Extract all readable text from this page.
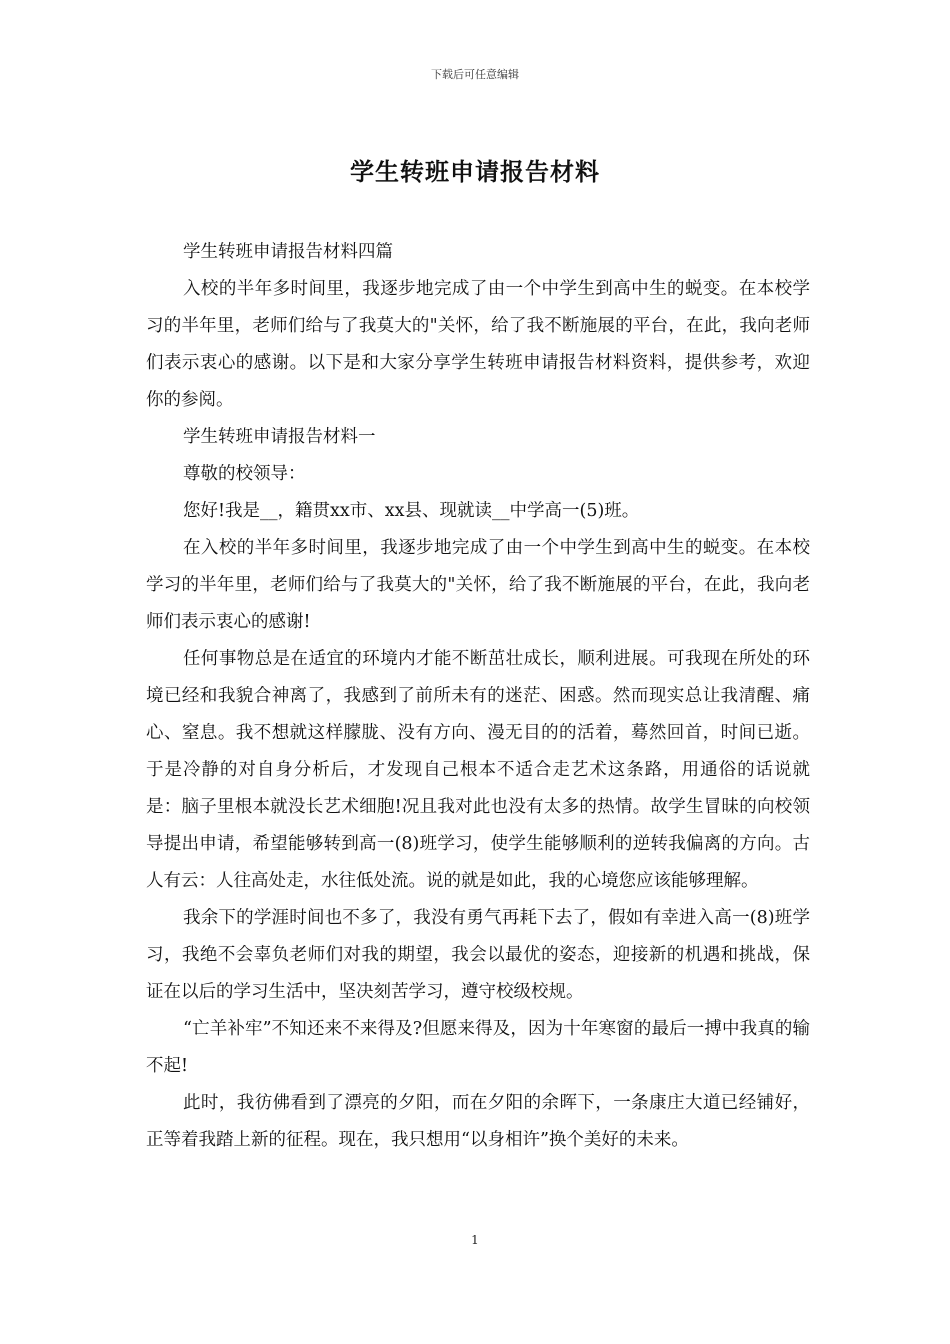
下载后可任意编辑
学生转班申请报告材料

学生转班申请报告材料四篇

入校的半年多时间里，我逐步地完成了由一个中学生到高中生的蜕变。在本校学习的半年里，老师们给与了我莫大的"关怀，给了我不断施展的平台，在此，我向老师们表示衷心的感谢。以下是和大家分享学生转班申请报告材料资料，提供参考，欢迎你的参阅。

学生转班申请报告材料一

尊敬的校领导：

您好!我是__，籍贯xx市、xx县、现就读__中学高一(5)班。

在入校的半年多时间里，我逐步地完成了由一个中学生到高中生的蜕变。在本校学习的半年里，老师们给与了我莫大的"关怀，给了我不断施展的平台，在此，我向老师们表示衷心的感谢!

任何事物总是在适宜的环境内才能不断茁壮成长，顺利进展。可我现在所处的环境已经和我貌合神离了，我感到了前所未有的迷茫、困惑。然而现实总让我清醒、痛心、窒息。我不想就这样朦胧、没有方向、漫无目的的活着，蓦然回首，时间已逝。于是冷静的对自身分析后，才发现自己根本不适合走艺术这条路，用通俗的话说就是：脑子里根本就没长艺术细胞!况且我对此也没有太多的热情。故学生冒昧的向校领导提出申请，希望能够转到高一(8)班学习，使学生能够顺利的逆转我偏离的方向。古人有云：人往高处走，水往低处流。说的就是如此，我的心境您应该能够理解。

我余下的学涯时间也不多了，我没有勇气再耗下去了，假如有幸进入高一(8)班学习，我绝不会辜负老师们对我的期望，我会以最优的姿态，迎接新的机遇和挑战，保证在以后的学习生活中，坚决刻苦学习，遵守校级校规。

“亡羊补牢”不知还来不来得及?但愿来得及，因为十年寒窗的最后一搏中我真的输不起!

此时，我彷佛看到了漂亮的夕阳，而在夕阳的余晖下，一条康庄大道已经铺好，正等着我踏上新的征程。现在，我只想用“以身相许”换个美好的未来。

1
